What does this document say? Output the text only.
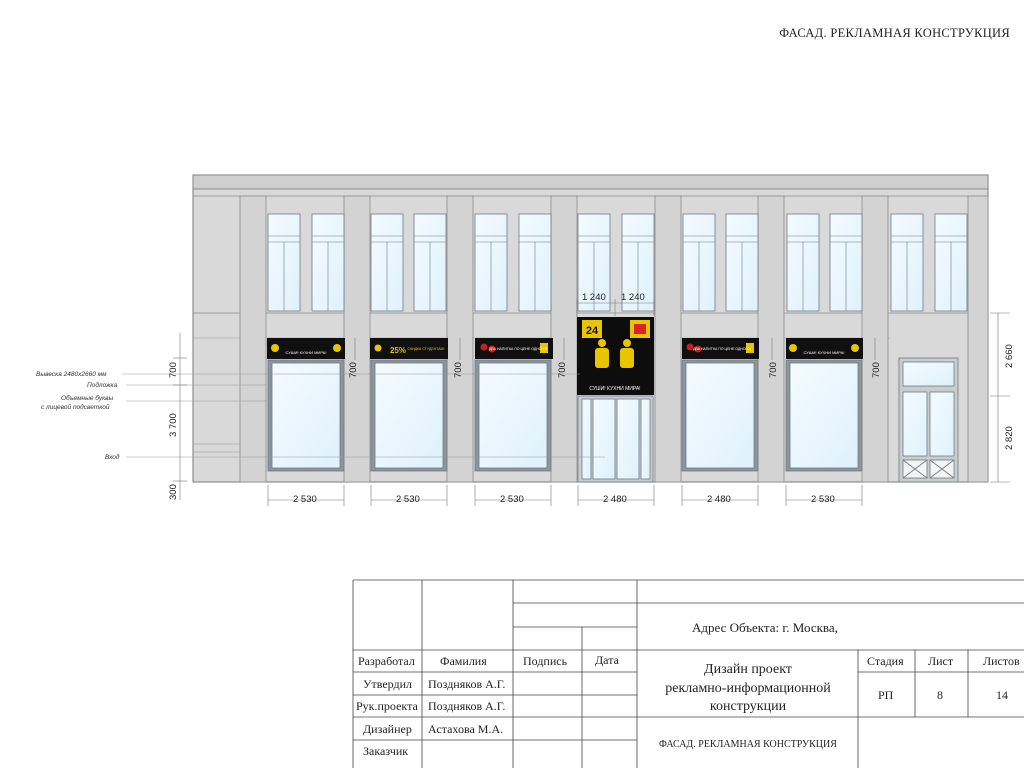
ФАСАД. РЕКЛАМНАЯ КОНСТРУКЦИЯ
СУШИ! КУХНИ МИРА!	25% СКИДКА СТУДЕНТАМ!	ДВА НАПИТКА ПО ЦЕНЕ ОДНОГО!	ДВА НАПИТКА ПО ЦЕНЕ ОДНОГО!
СУШИ! КУХНИ МИРА!
24
СУШИ! КУХНИ МИРА!
Вывеска 2480х2660 мм
Подложка
Объемные буквы
с лицевой подсветкой
Вход
700
3 700
300
700	700	700	700	700
2 660
2 820
1 240 1 240
2 530	2 530	2 530	2 480	2 480	2 530
Адрес Объекта: г. Москва,
Разработал Фамилия	Подпись Дата
Утвердил Поздняков А.Г.
Рук.проекта Поздняков А.Г.
Дизайнер Астахова М.А.
Заказчик
Дизайн проект
рекламно-информационной
конструкции
ФАСАД. РЕКЛАМНАЯ КОНСТРУКЦИЯ
Стадия Лист Листов
РП	8	14
